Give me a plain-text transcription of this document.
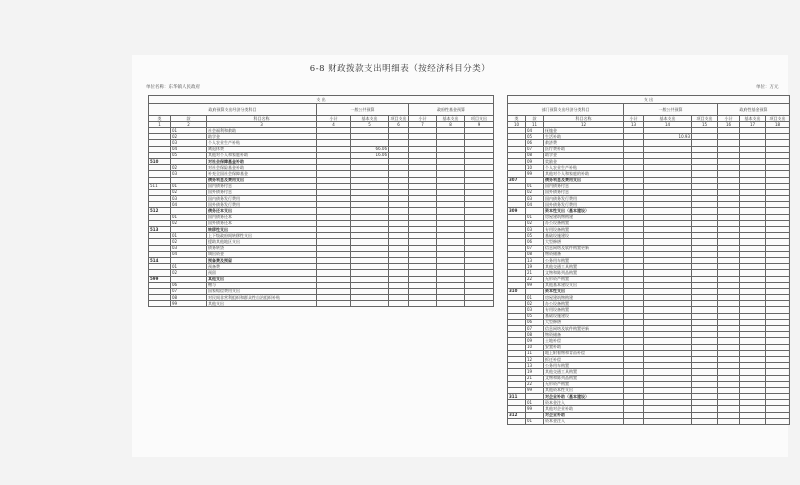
6-8 财政拨款支出明细表（按经济科目分类）
单位名称：东华镇人民政府	单位：万元
支 出								
政府预算支出经济分类科目			一般公共预算			政府性基金预算		
类	款	科目名称	小计	基本支出	项目支出	小计	基本支出	项目支出
1	2	3	4	5	6	7	8	9
	01	社会福利和救助						
	02	助学金						
	03	个人农业生产补贴						
	04	离退休费		66.06				
	05	其他对个人和家庭补助		16.06				
510		对社会保障基金补助						
	02	对社会保险基金补助						
	03	补充全国社会保障基金						
		债务利息及费用支出						
511	01	国内债务付息						
	02	国外债务付息						
	03	国内债务发行费用						
	04	国外债务发行费用						
512		债务还本支出						
	01	国内债务还本						
	02	国外债务还本						
513		转移性支出						
	01	上下级政府间转移性支出						
	02	援助其他地区支出						
	03	债务转贷						
	04	调出资金						
514		预备费及预留						
	01	预备费						
	02	预留						
599		其他支出						
	06	赠与						
	07	国家赔偿费用支出						
	08	对民间非营利组织和群众性自治组织补贴						
	99	其他支出						
支 出								
部门预算支出经济分类科目			一般公共预算			政府性基金预算		
类	款	科目名称	小计	基本支出	项目支出	小计	基本支出	项目支出
10	11	12	13	14	15	16	17	18
	04	抚恤金						
	05	生活补助		10.93				
	06	救济费						
	07	医疗费补助						
	08	助学金						
	09	奖励金						
	10	个人农业生产补贴						
	99	其他对个人和家庭的补助						
307		债务利息及费用支出						
	01	国内债务付息						
	02	国外债务付息						
	03	国内债务发行费用						
	04	国外债务发行费用						
309		资本性支出（基本建设）						
	01	房屋建筑物购建						
	02	办公设备购置						
	03	专用设备购置						
	05	基础设施建设						
	06	大型修缮						
	07	信息网络及软件购置更新						
	08	物资储备						
	13	公务用车购置						
	19	其他交通工具购置						
	21	文物和陈列品购置						
	22	无形资产购置						
	99	其他基本建设支出						
310		资本性支出						
	01	房屋建筑物购建						
	02	办公设备购置						
	03	专用设备购置						
	05	基础设施建设						
	06	大型修缮						
	07	信息网络及软件购置更新						
	08	物资储备						
	09	土地补偿						
	10	安置补助						
	11	地上附着物和青苗补偿						
	12	拆迁补偿						
	13	公务用车购置						
	19	其他交通工具购置						
	21	文物和陈列品购置						
	22	无形资产购置						
	99	其他资本性支出						
311		对企业补助（基本建设）						
	01	资本金注入						
	99	其他对企业补助						
312		对企业补助						
	01	资本金注入						
